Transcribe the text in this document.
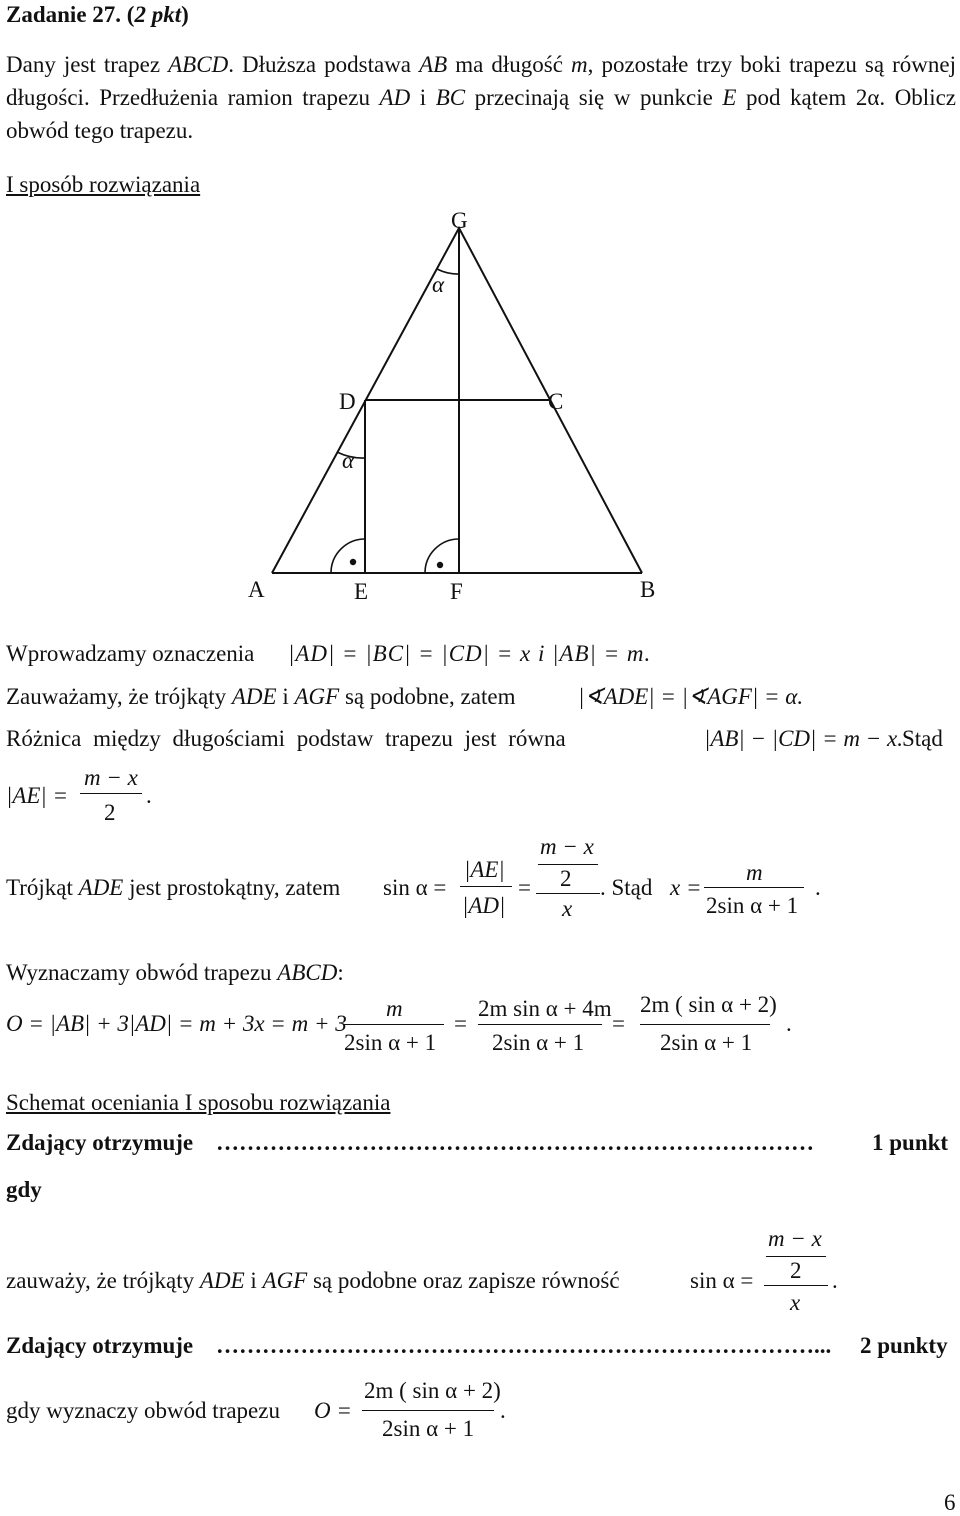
Zadanie 27. (2 pkt)
Dany jest trapez ABCD. Dłuższa podstawa AB ma długość m, pozostałe trzy boki trapezu są równej długości. Przedłużenia ramion trapezu AD i BC przecinają się w punkcie E pod kątem 2α. Oblicz obwód tego trapezu.
I sposób rozwiązania
G
α
D	C
α
A	E	F	B
Wprowadzamy oznaczenia |AD| = |BC| = |CD| = x i |AB| = m.
Zauważamy, że trójkąty ADE i AGF są podobne, zatem	|∢ADE| = |∢AGF| = α.
Różnica między długościami podstaw trapezu jest równa	|AB| − |CD| = m − x. Stąd
|AE| =
m − x
2
.
Trójkąt ADE jest prostokątny, zatem sin α =
|AE|
|AD|
=
m − x
2
x
. Stąd x =
m
2sin α + 1
.
Wyznaczamy obwód trapezu ABCD:
O = |AB| + 3|AD| = m + 3x = m + 3
m
2sin α + 1
=
2m sin α + 4m
2sin α + 1
=
2m ( sin α + 2)
2sin α + 1
.
Schemat oceniania I sposobu rozwiązania
Zdający otrzymuje ……………………………………………………………………	1 punkt
gdy
zauważy, że trójkąty ADE i AGF są podobne oraz zapisze równość	sin α =
m − x
2
x
.
Zdający otrzymuje ……………………………………………………………………...	2 punkty
gdy wyznaczy obwód trapezu O =
2m ( sin α + 2)
2sin α + 1
.
6
